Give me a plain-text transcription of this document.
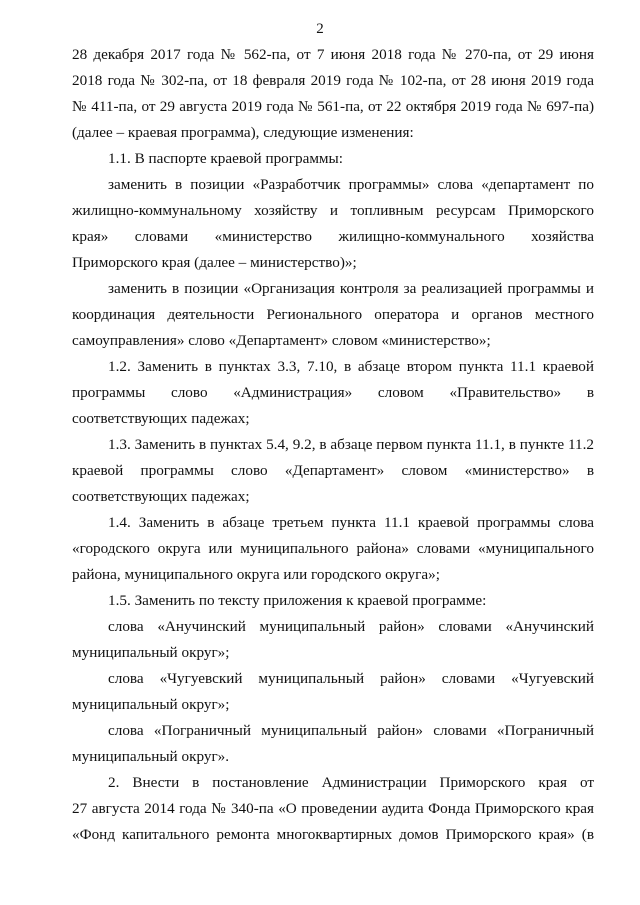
2
28 декабря 2017 года № 562-па, от 7 июня 2018 года № 270-па, от 29 июня
2018 года № 302-па, от 18 февраля 2019 года № 102-па, от 28 июня 2019 года
№ 411-па, от 29 августа 2019 года № 561-па, от 22 октября 2019 года № 697-па)
(далее – краевая программа), следующие изменения:
1.1. В паспорте краевой программы:
заменить в позиции «Разработчик программы» слова «департамент по
жилищно-коммунальному хозяйству и топливным ресурсам Приморского
края» словами «министерство жилищно-коммунального хозяйства
Приморского края (далее – министерство)»;
заменить в позиции «Организация контроля за реализацией программы и
координация деятельности Регионального оператора и органов местного
самоуправления» слово «Департамент» словом «министерство»;
1.2. Заменить в пунктах 3.3, 7.10, в абзаце втором пункта 11.1 краевой
программы слово «Администрация» словом «Правительство» в
соответствующих падежах;
1.3. Заменить в пунктах 5.4, 9.2, в абзаце первом пункта 11.1, в пункте 11.2
краевой программы слово «Департамент» словом «министерство» в
соответствующих падежах;
1.4. Заменить в абзаце третьем пункта 11.1 краевой программы слова
«городского округа или муниципального района» словами «муниципального
района, муниципального округа или городского округа»;
1.5. Заменить по тексту приложения к краевой программе:
слова «Анучинский муниципальный район» словами «Анучинский
муниципальный округ»;
слова «Чугуевский муниципальный район» словами «Чугуевский
муниципальный округ»;
слова «Пограничный муниципальный район» словами «Пограничный
муниципальный округ».
2. Внести в постановление Администрации Приморского края от
27 августа 2014 года № 340-па «О проведении аудита Фонда Приморского края
«Фонд капитального ремонта многоквартирных домов Приморского края» (в
